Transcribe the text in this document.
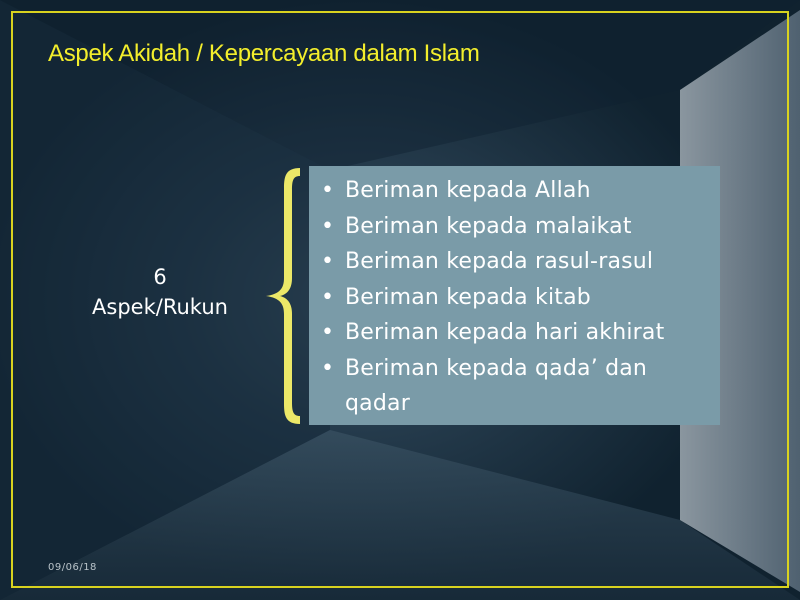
Aspek Akidah / Kepercayaan dalam Islam
6
Aspek/Rukun
• Beriman kepada Allah
• Beriman kepada malaikat
• Beriman kepada rasul-rasul
• Beriman kepada kitab
• Beriman kepada hari akhirat
• Beriman kepada qada’ dan qadar
09/06/18
